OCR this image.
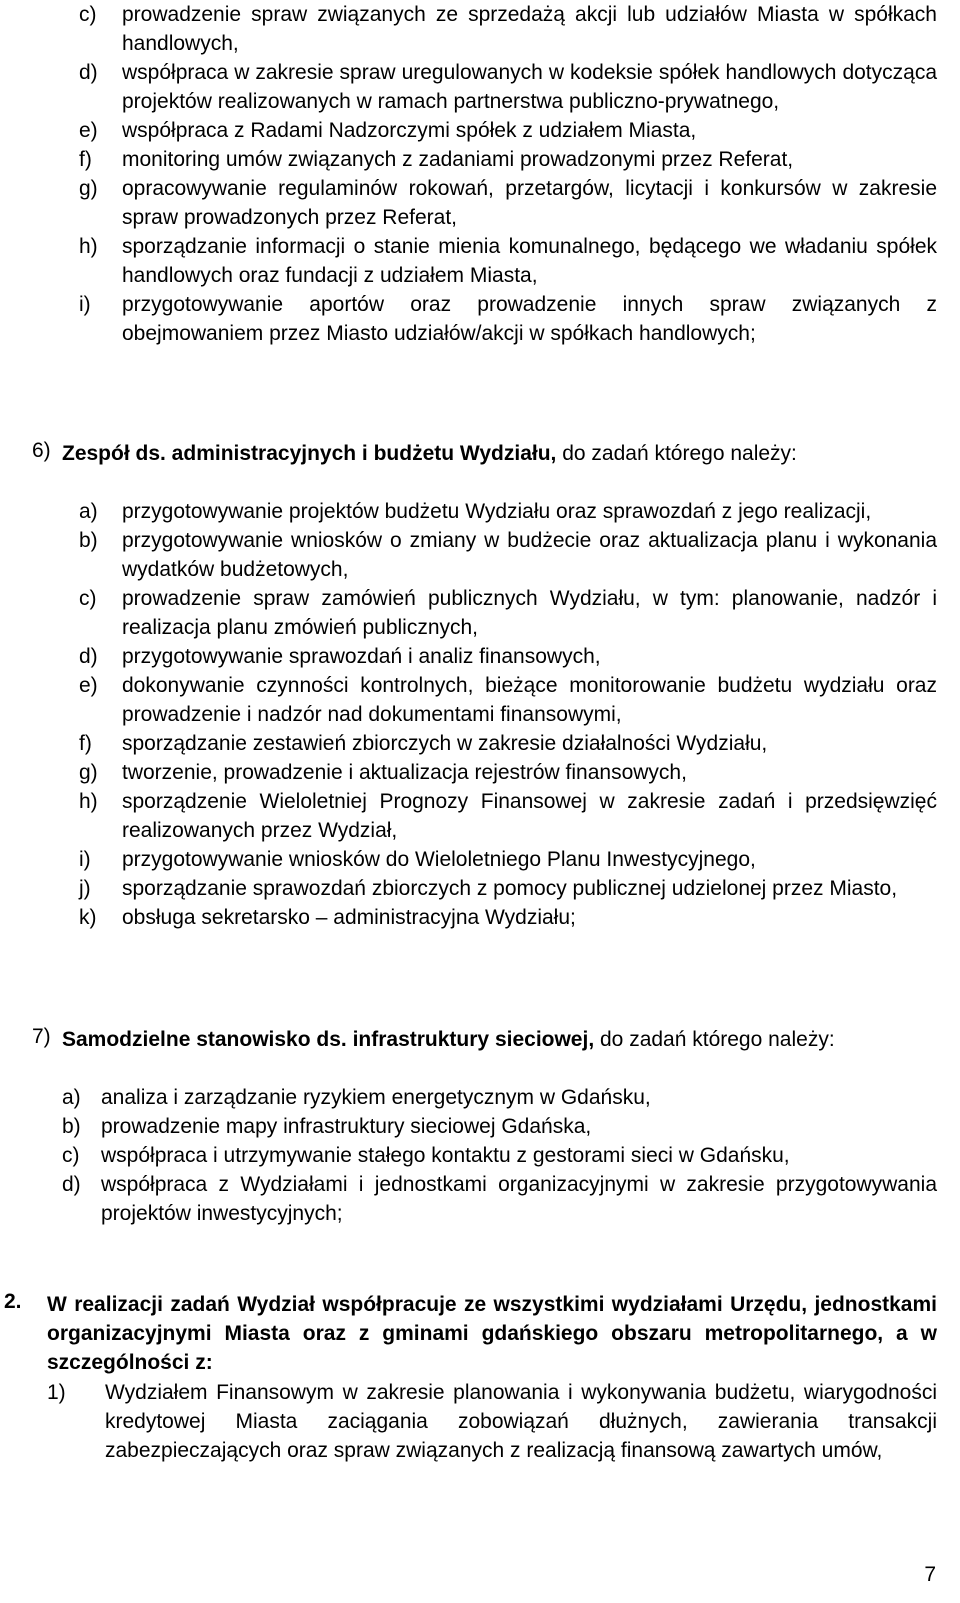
c) prowadzenie spraw związanych ze sprzedażą akcji lub udziałów Miasta w spółkach handlowych,
d) współpraca w zakresie spraw uregulowanych w kodeksie spółek handlowych dotycząca projektów realizowanych w ramach partnerstwa publiczno-prywatnego,
e) współpraca z Radami Nadzorczymi spółek z udziałem Miasta,
f) monitoring umów związanych z zadaniami prowadzonymi przez Referat,
g) opracowywanie regulaminów rokowań, przetargów, licytacji i konkursów w zakresie spraw prowadzonych przez Referat,
h) sporządzanie informacji o stanie mienia komunalnego, będącego we władaniu spółek handlowych oraz fundacji z udziałem Miasta,
i) przygotowywanie aportów oraz prowadzenie innych spraw związanych z obejmowaniem przez Miasto udziałów/akcji w spółkach handlowych;
6) Zespół ds. administracyjnych i budżetu Wydziału, do zadań którego należy:
a) przygotowywanie projektów budżetu Wydziału oraz sprawozdań z jego realizacji,
b) przygotowywanie wniosków o zmiany w budżecie oraz aktualizacja planu i wykonania wydatków budżetowych,
c) prowadzenie spraw zamówień publicznych Wydziału, w tym: planowanie, nadzór i realizacja planu zmówień publicznych,
d) przygotowywanie sprawozdań i analiz finansowych,
e) dokonywanie czynności kontrolnych, bieżące monitorowanie budżetu wydziału oraz prowadzenie i nadzór nad dokumentami finansowymi,
f) sporządzanie zestawień zbiorczych w zakresie działalności Wydziału,
g) tworzenie, prowadzenie i aktualizacja rejestrów finansowych,
h) sporządzenie Wieloletniej Prognozy Finansowej w zakresie zadań i przedsięwzięć realizowanych przez Wydział,
i) przygotowywanie wniosków do Wieloletniego Planu Inwestycyjnego,
j) sporządzanie sprawozdań zbiorczych z pomocy publicznej udzielonej przez Miasto,
k) obsługa sekretarsko – administracyjna Wydziału;
7) Samodzielne stanowisko ds. infrastruktury sieciowej, do zadań którego należy:
a) analiza i zarządzanie ryzykiem energetycznym w Gdańsku,
b) prowadzenie mapy infrastruktury sieciowej Gdańska,
c) współpraca i utrzymywanie stałego kontaktu z gestorami sieci w Gdańsku,
d) współpraca z Wydziałami i jednostkami organizacyjnymi w zakresie przygotowywania projektów inwestycyjnych;
2. W realizacji zadań Wydział współpracuje ze wszystkimi wydziałami Urzędu, jednostkami organizacyjnymi Miasta oraz z gminami gdańskiego obszaru metropolitarnego, a w szczególności z:
1) Wydziałem Finansowym w zakresie planowania i wykonywania budżetu, wiarygodności kredytowej Miasta zaciągania zobowiązań dłużnych, zawierania transakcji zabezpieczających oraz spraw związanych z realizacją finansową zawartych umów,
7
